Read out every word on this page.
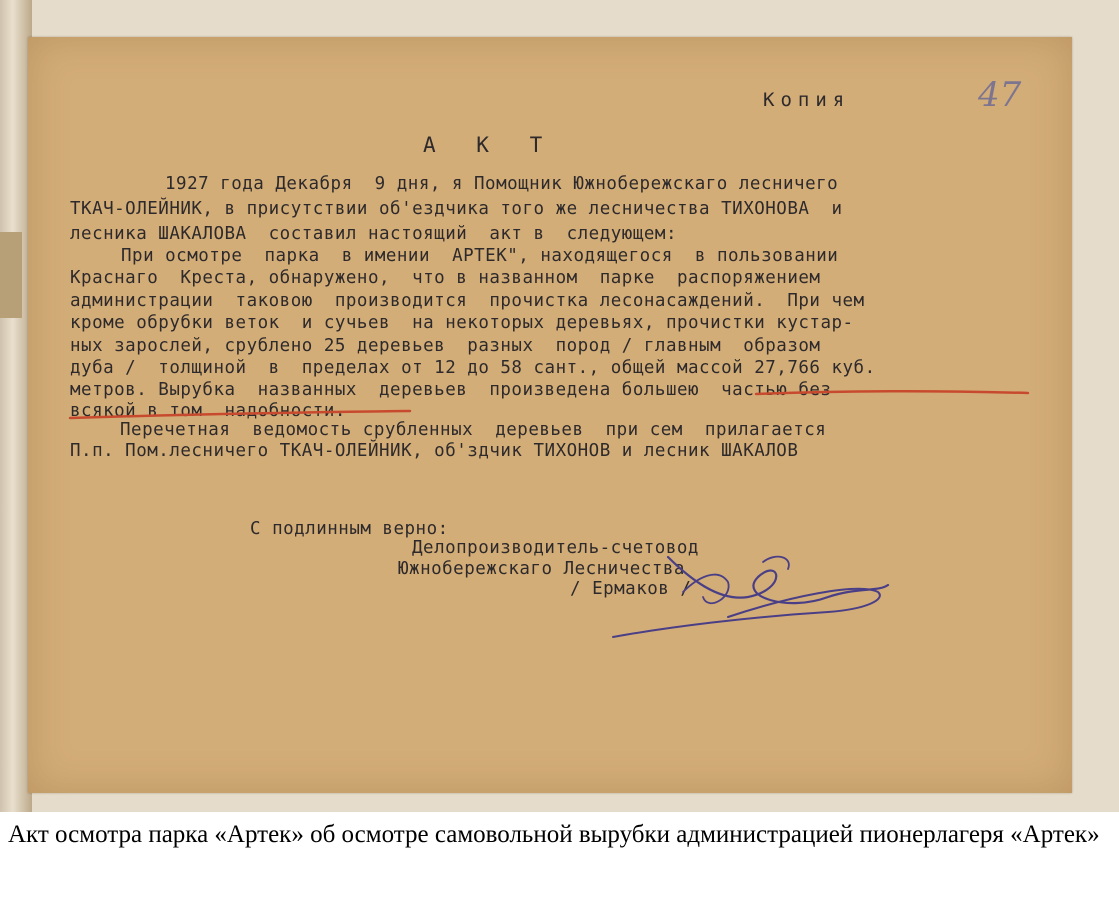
Копия	47
А К Т
1927 года Декабря  9 дня, я Помощник Южнобережскаго лесничего
ТКАЧ-ОЛЕЙНИК, в присутствии об'ездчика того же лесничества ТИХОНОВА  и
лесника ШАКАЛОВА  составил настоящий  акт в  следующем:
При осмотре  парка  в имении  АРТЕК", находящегося  в пользовании
Краснаго  Креста, обнаружено,  что в названном  парке  распоряжением
администрации  таковою  производится  прочистка лесонасаждений.  При чем
кроме обрубки веток  и сучьев  на некоторых деревьях, прочистки кустар-
ных зарослей, срублено 25 деревьев  разных  пород / главным  образом
дуба /  толщиной  в  пределах от 12 до 58 сант., общей массой 27,766 куб.
метров. Вырубка  названных  деревьев  произведена большею  частью без
всякой в том  надобности.
Перечетная  ведомость срубленных  деревьев  при сем  прилагается
П.п. Пом.лесничего ТКАЧ-ОЛЕЙНИК, об'здчик ТИХОНОВ и лесник ШАКАЛОВ
С подлинным верно:
Делопроизводитель-счетовод
Южнобережскаго Лесничества
/ Ермаков /
Акт осмотра парка «Артек» об осмотре самовольной вырубки администрацией пионерлагеря «Артек»
